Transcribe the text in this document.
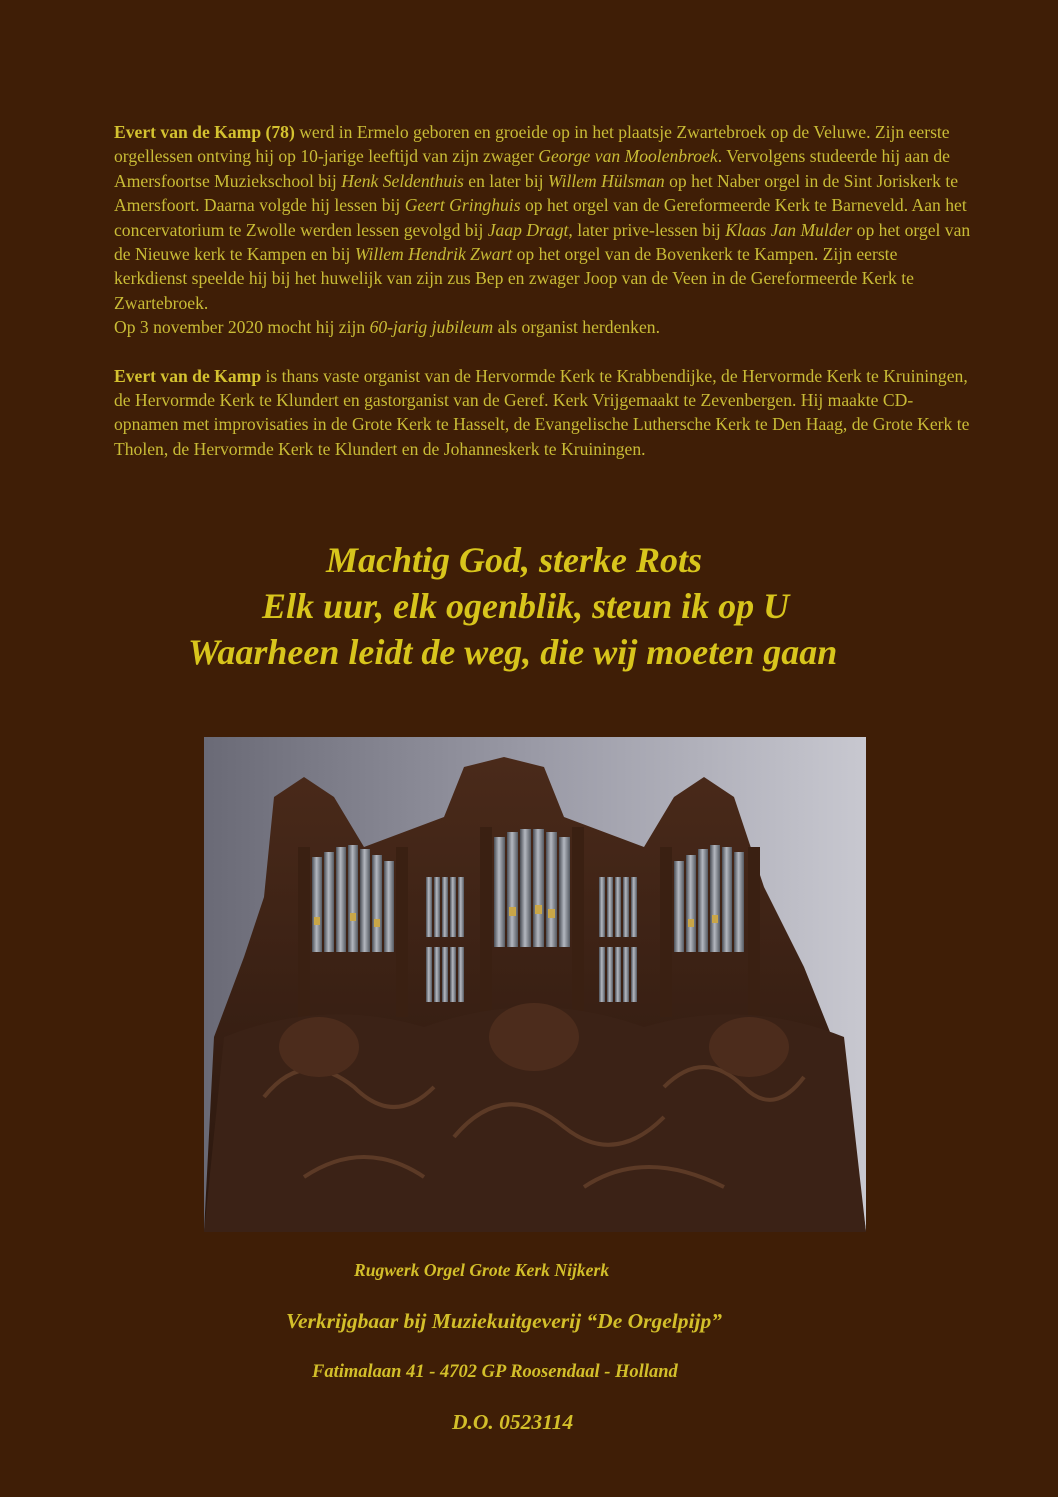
Evert van de Kamp (78) werd in Ermelo geboren en groeide op in het plaatsje Zwartebroek op de Veluwe. Zijn eerste orgellessen ontving hij op 10-jarige leeftijd van zijn zwager George van Moolenbroek. Vervolgens studeerde hij aan de Amersfoortse Muziekschool bij Henk Seldenthuis en later bij Willem Hülsman op het Naber orgel in de Sint Joriskerk te Amersfoort. Daarna volgde hij lessen bij Geert Gringhuis op het orgel van de Gereformeerde Kerk te Barneveld. Aan het concervatorium te Zwolle werden lessen gevolgd bij Jaap Dragt, later prive-lessen bij Klaas Jan Mulder op het orgel van de Nieuwe kerk te Kampen en bij Willem Hendrik Zwart op het orgel van de Bovenkerk te Kampen. Zijn eerste kerkdienst speelde hij bij het huwelijk van zijn zus Bep en zwager Joop van de Veen in de Gereformeerde Kerk te Zwartebroek.

Op 3 november 2020 mocht hij zijn 60-jarig jubileum als organist herdenken.

Evert van de Kamp is thans vaste organist van de Hervormde Kerk te Krabbendijke, de Hervormde Kerk te Kruiningen, de Hervormde Kerk te Klundert en gastorganist van de Geref. Kerk Vrijgemaakt te Zevenbergen. Hij maakte CD-opnamen met improvisaties in de Grote Kerk te Hasselt, de Evangelische Luthersche Kerk te Den Haag, de Grote Kerk te Tholen, de Hervormde Kerk te Klundert en de Johanneskerk te Kruiningen.

Machtig God, sterke Rots
Elk uur, elk ogenblik, steun ik op U
Waarheen leidt de weg, die wij moeten gaan
Rugwerk Orgel Grote Kerk Nijkerk
Verkrijgbaar bij Muziekuitgeverij “De Orgelpijp”
Fatimalaan 41 - 4702 GP Roosendaal - Holland
D.O. 0523114
